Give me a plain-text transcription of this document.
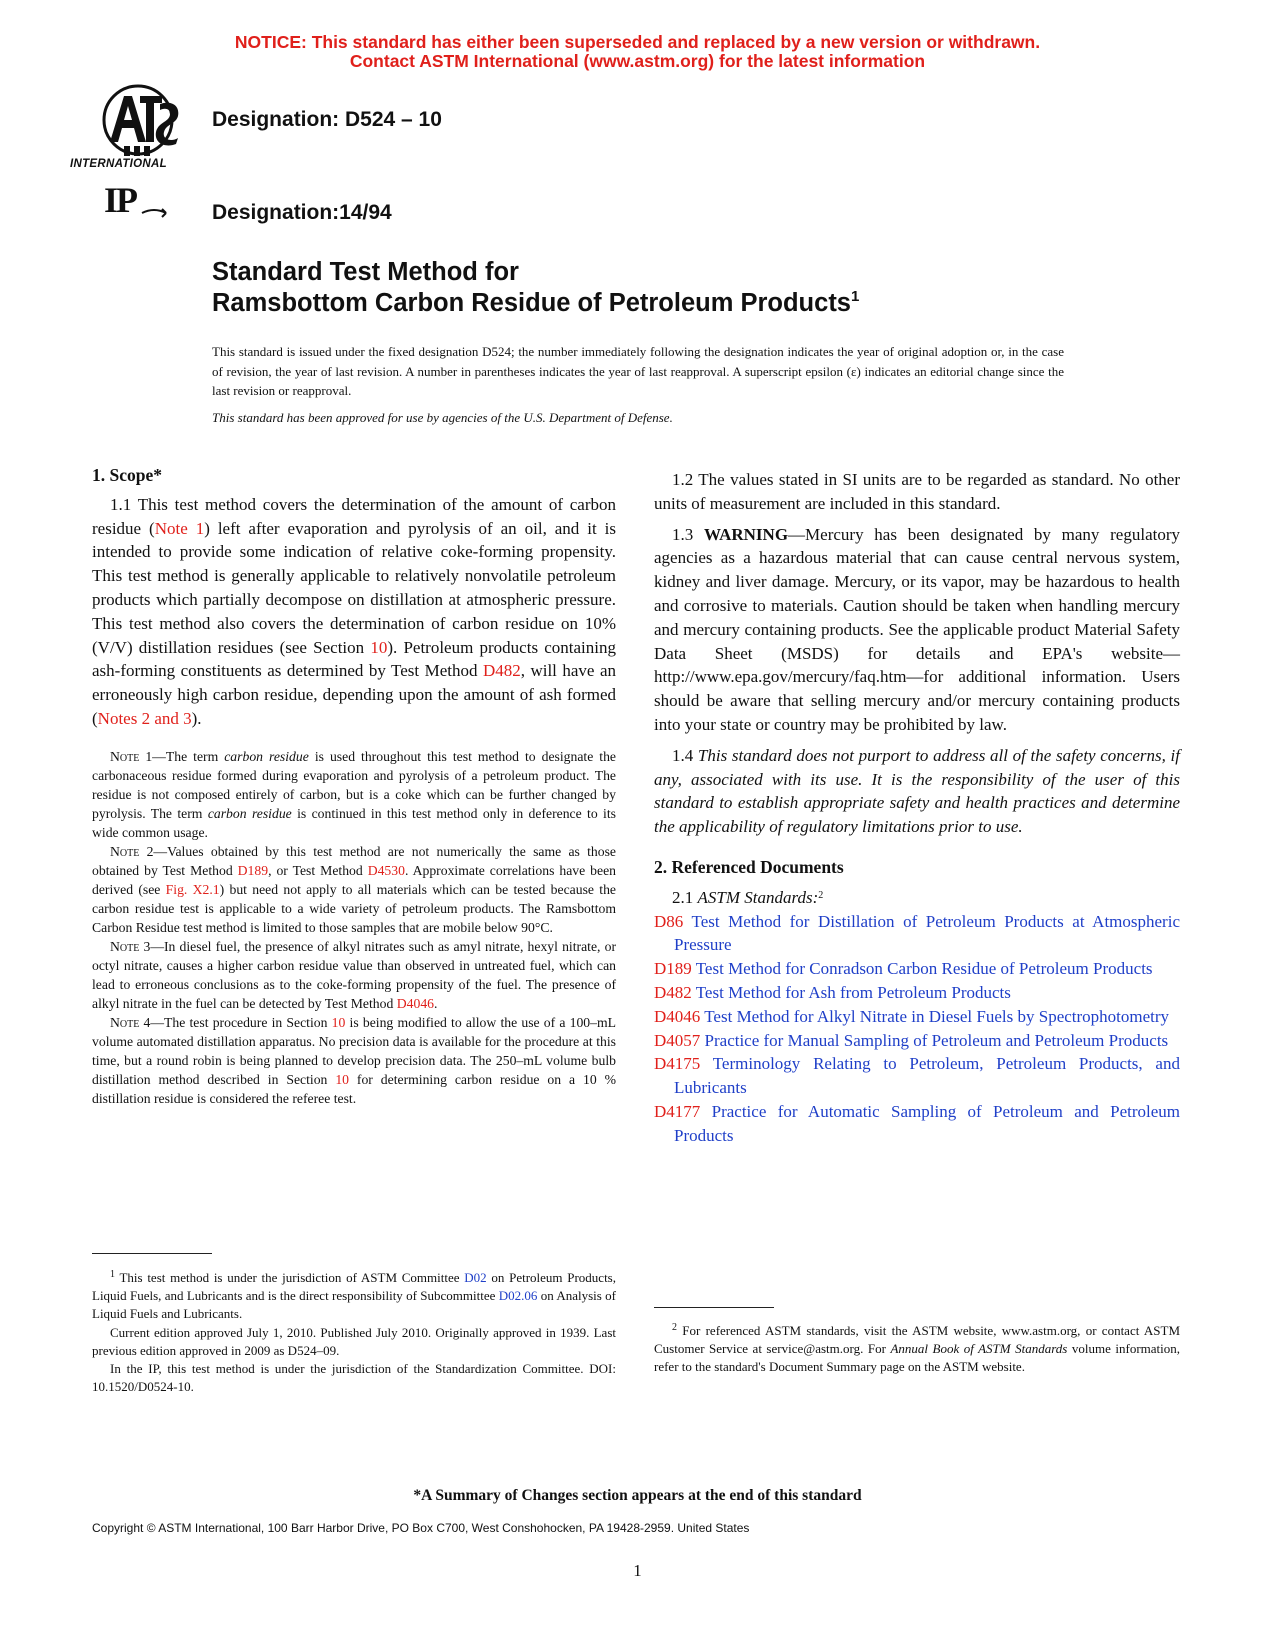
NOTICE: This standard has either been superseded and replaced by a new version or withdrawn.
Contact ASTM International (www.astm.org) for the latest information
INTERNATIONAL
Designation: D524 – 10
IP	Designation:14/94
Standard Test Method for
Ramsbottom Carbon Residue of Petroleum Products$^1$
This standard is issued under the fixed designation D524; the number immediately following the designation indicates the year of original adoption or, in the case of revision, the year of last revision. A number in parentheses indicates the year of last reapproval. A superscript epsilon (ε) indicates an editorial change since the last revision or reapproval.
This standard has been approved for use by agencies of the U.S. Department of Defense.
1. Scope*

1.1 This test method covers the determination of the amount of carbon residue (Note 1) left after evaporation and pyrolysis of an oil, and it is intended to provide some indication of relative coke-forming propensity. This test method is generally applicable to relatively nonvolatile petroleum products which partially decompose on distillation at atmospheric pressure. This test method also covers the determination of carbon residue on 10% (V/V) distillation residues (see Section 10). Petroleum products containing ash-forming constituents as determined by Test Method D482, will have an erroneously high carbon residue, depending upon the amount of ash formed (Notes 2 and 3).

Note 1—The term carbon residue is used throughout this test method to designate the carbonaceous residue formed during evaporation and pyrolysis of a petroleum product. The residue is not composed entirely of carbon, but is a coke which can be further changed by pyrolysis. The term carbon residue is continued in this test method only in deference to its wide common usage.

Note 2—Values obtained by this test method are not numerically the same as those obtained by Test Method D189, or Test Method D4530. Approximate correlations have been derived (see Fig. X2.1) but need not apply to all materials which can be tested because the carbon residue test is applicable to a wide variety of petroleum products. The Ramsbottom Carbon Residue test method is limited to those samples that are mobile below 90°C.

Note 3—In diesel fuel, the presence of alkyl nitrates such as amyl nitrate, hexyl nitrate, or octyl nitrate, causes a higher carbon residue value than observed in untreated fuel, which can lead to erroneous conclusions as to the coke-forming propensity of the fuel. The presence of alkyl nitrate in the fuel can be detected by Test Method D4046.

Note 4—The test procedure in Section 10 is being modified to allow the use of a 100–mL volume automated distillation apparatus. No precision data is available for the procedure at this time, but a round robin is being planned to develop precision data. The 250–mL volume bulb distillation method described in Section 10 for determining carbon residue on a 10 % distillation residue is considered the referee test.

$^1$ This test method is under the jurisdiction of ASTM Committee D02 on Petroleum Products, Liquid Fuels, and Lubricants and is the direct responsibility of Subcommittee D02.06 on Analysis of Liquid Fuels and Lubricants.

Current edition approved July 1, 2010. Published July 2010. Originally approved in 1939. Last previous edition approved in 2009 as D524–09.

In the IP, this test method is under the jurisdiction of the Standardization Committee. DOI: 10.1520/D0524-10.

1.2 The values stated in SI units are to be regarded as standard. No other units of measurement are included in this standard.

1.3 WARNING—Mercury has been designated by many regulatory agencies as a hazardous material that can cause central nervous system, kidney and liver damage. Mercury, or its vapor, may be hazardous to health and corrosive to materials. Caution should be taken when handling mercury and mercury containing products. See the applicable product Material Safety Data Sheet (MSDS) for details and EPA's website—http://www.epa.gov/mercury/faq.htm—for additional information. Users should be aware that selling mercury and/or mercury containing products into your state or country may be prohibited by law.

1.4 This standard does not purport to address all of the safety concerns, if any, associated with its use. It is the responsibility of the user of this standard to establish appropriate safety and health practices and determine the applicability of regulatory limitations prior to use.

2. Referenced Documents

2.1 ASTM Standards:$^2$

D86 Test Method for Distillation of Petroleum Products at Atmospheric Pressure

D189 Test Method for Conradson Carbon Residue of Petroleum Products

D482 Test Method for Ash from Petroleum Products

D4046 Test Method for Alkyl Nitrate in Diesel Fuels by Spectrophotometry

D4057 Practice for Manual Sampling of Petroleum and Petroleum Products

D4175 Terminology Relating to Petroleum, Petroleum Products, and Lubricants

D4177 Practice for Automatic Sampling of Petroleum and Petroleum Products

$^2$ For referenced ASTM standards, visit the ASTM website, www.astm.org, or contact ASTM Customer Service at service@astm.org. For Annual Book of ASTM Standards volume information, refer to the standard's Document Summary page on the ASTM website.

*A Summary of Changes section appears at the end of this standard
Copyright © ASTM International, 100 Barr Harbor Drive, PO Box C700, West Conshohocken, PA 19428-2959. United States
1
